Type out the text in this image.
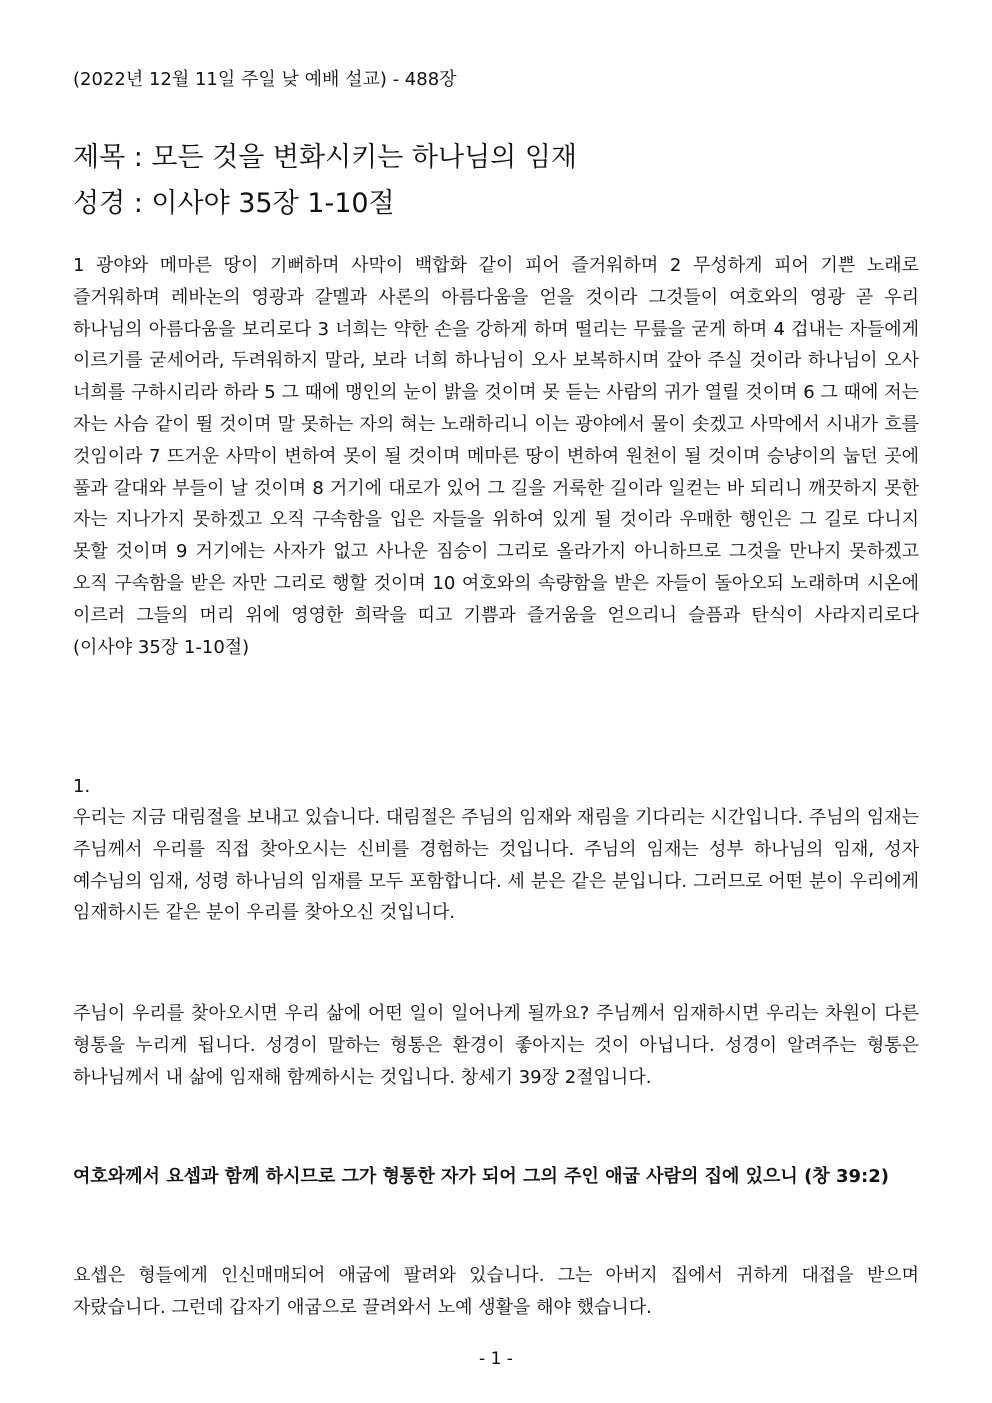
(2022년 12월 11일 주일 낮 예배 설교) - 488장
제목 : 모든 것을 변화시키는 하나님의 임재
성경 : 이사야 35장 1-10절
1 광야와 메마른 땅이 기뻐하며 사막이 백합화 같이 피어 즐거워하며 2 무성하게 피어 기쁜 노래로 즐거워하며 레바논의 영광과 갈멜과 사론의 아름다움을 얻을 것이라 그것들이 여호와의 영광 곧 우리 하나님의 아름다움을 보리로다 3 너희는 약한 손을 강하게 하며 떨리는 무릎을 굳게 하며 4 겁내는 자들에게 이르기를 굳세어라, 두려워하지 말라, 보라 너희 하나님이 오사 보복하시며 갚아 주실 것이라 하나님이 오사 너희를 구하시리라 하라 5 그 때에 맹인의 눈이 밝을 것이며 못 듣는 사람의 귀가 열릴 것이며 6 그 때에 저는 자는 사슴 같이 뛸 것이며 말 못하는 자의 혀는 노래하리니 이는 광야에서 물이 솟겠고 사막에서 시내가 흐를 것임이라 7 뜨거운 사막이 변하여 못이 될 것이며 메마른 땅이 변하여 원천이 될 것이며 승냥이의 눕던 곳에 풀과 갈대와 부들이 날 것이며 8 거기에 대로가 있어 그 길을 거룩한 길이라 일컫는 바 되리니 깨끗하지 못한 자는 지나가지 못하겠고 오직 구속함을 입은 자들을 위하여 있게 될 것이라 우매한 행인은 그 길로 다니지 못할 것이며 9 거기에는 사자가 없고 사나운 짐승이 그리로 올라가지 아니하므로 그것을 만나지 못하겠고 오직 구속함을 받은 자만 그리로 행할 것이며 10 여호와의 속량함을 받은 자들이 돌아오되 노래하며 시온에 이르러 그들의 머리 위에 영영한 희락을 띠고 기쁨과 즐거움을 얻으리니 슬픔과 탄식이 사라지리로다 (이사야 35장 1-10절)
1.
우리는 지금 대림절을 보내고 있습니다. 대림절은 주님의 임재와 재림을 기다리는 시간입니다. 주님의 임재는 주님께서 우리를 직접 찾아오시는 신비를 경험하는 것입니다. 주님의 임재는 성부 하나님의 임재, 성자 예수님의 임재, 성령 하나님의 임재를 모두 포함합니다. 세 분은 같은 분입니다. 그러므로 어떤 분이 우리에게 임재하시든 같은 분이 우리를 찾아오신 것입니다.
주님이 우리를 찾아오시면 우리 삶에 어떤 일이 일어나게 될까요? 주님께서 임재하시면 우리는 차원이 다른 형통을 누리게 됩니다. 성경이 말하는 형통은 환경이 좋아지는 것이 아닙니다. 성경이 알려주는 형통은 하나님께서 내 삶에 임재해 함께하시는 것입니다. 창세기 39장 2절입니다.
여호와께서 요셉과 함께 하시므로 그가 형통한 자가 되어 그의 주인 애굽 사람의 집에 있으니 (창 39:2)
요셉은 형들에게 인신매매되어 애굽에 팔려와 있습니다. 그는 아버지 집에서 귀하게 대접을 받으며 자랐습니다. 그런데 갑자기 애굽으로 끌려와서 노예 생활을 해야 했습니다.
- 1 -
